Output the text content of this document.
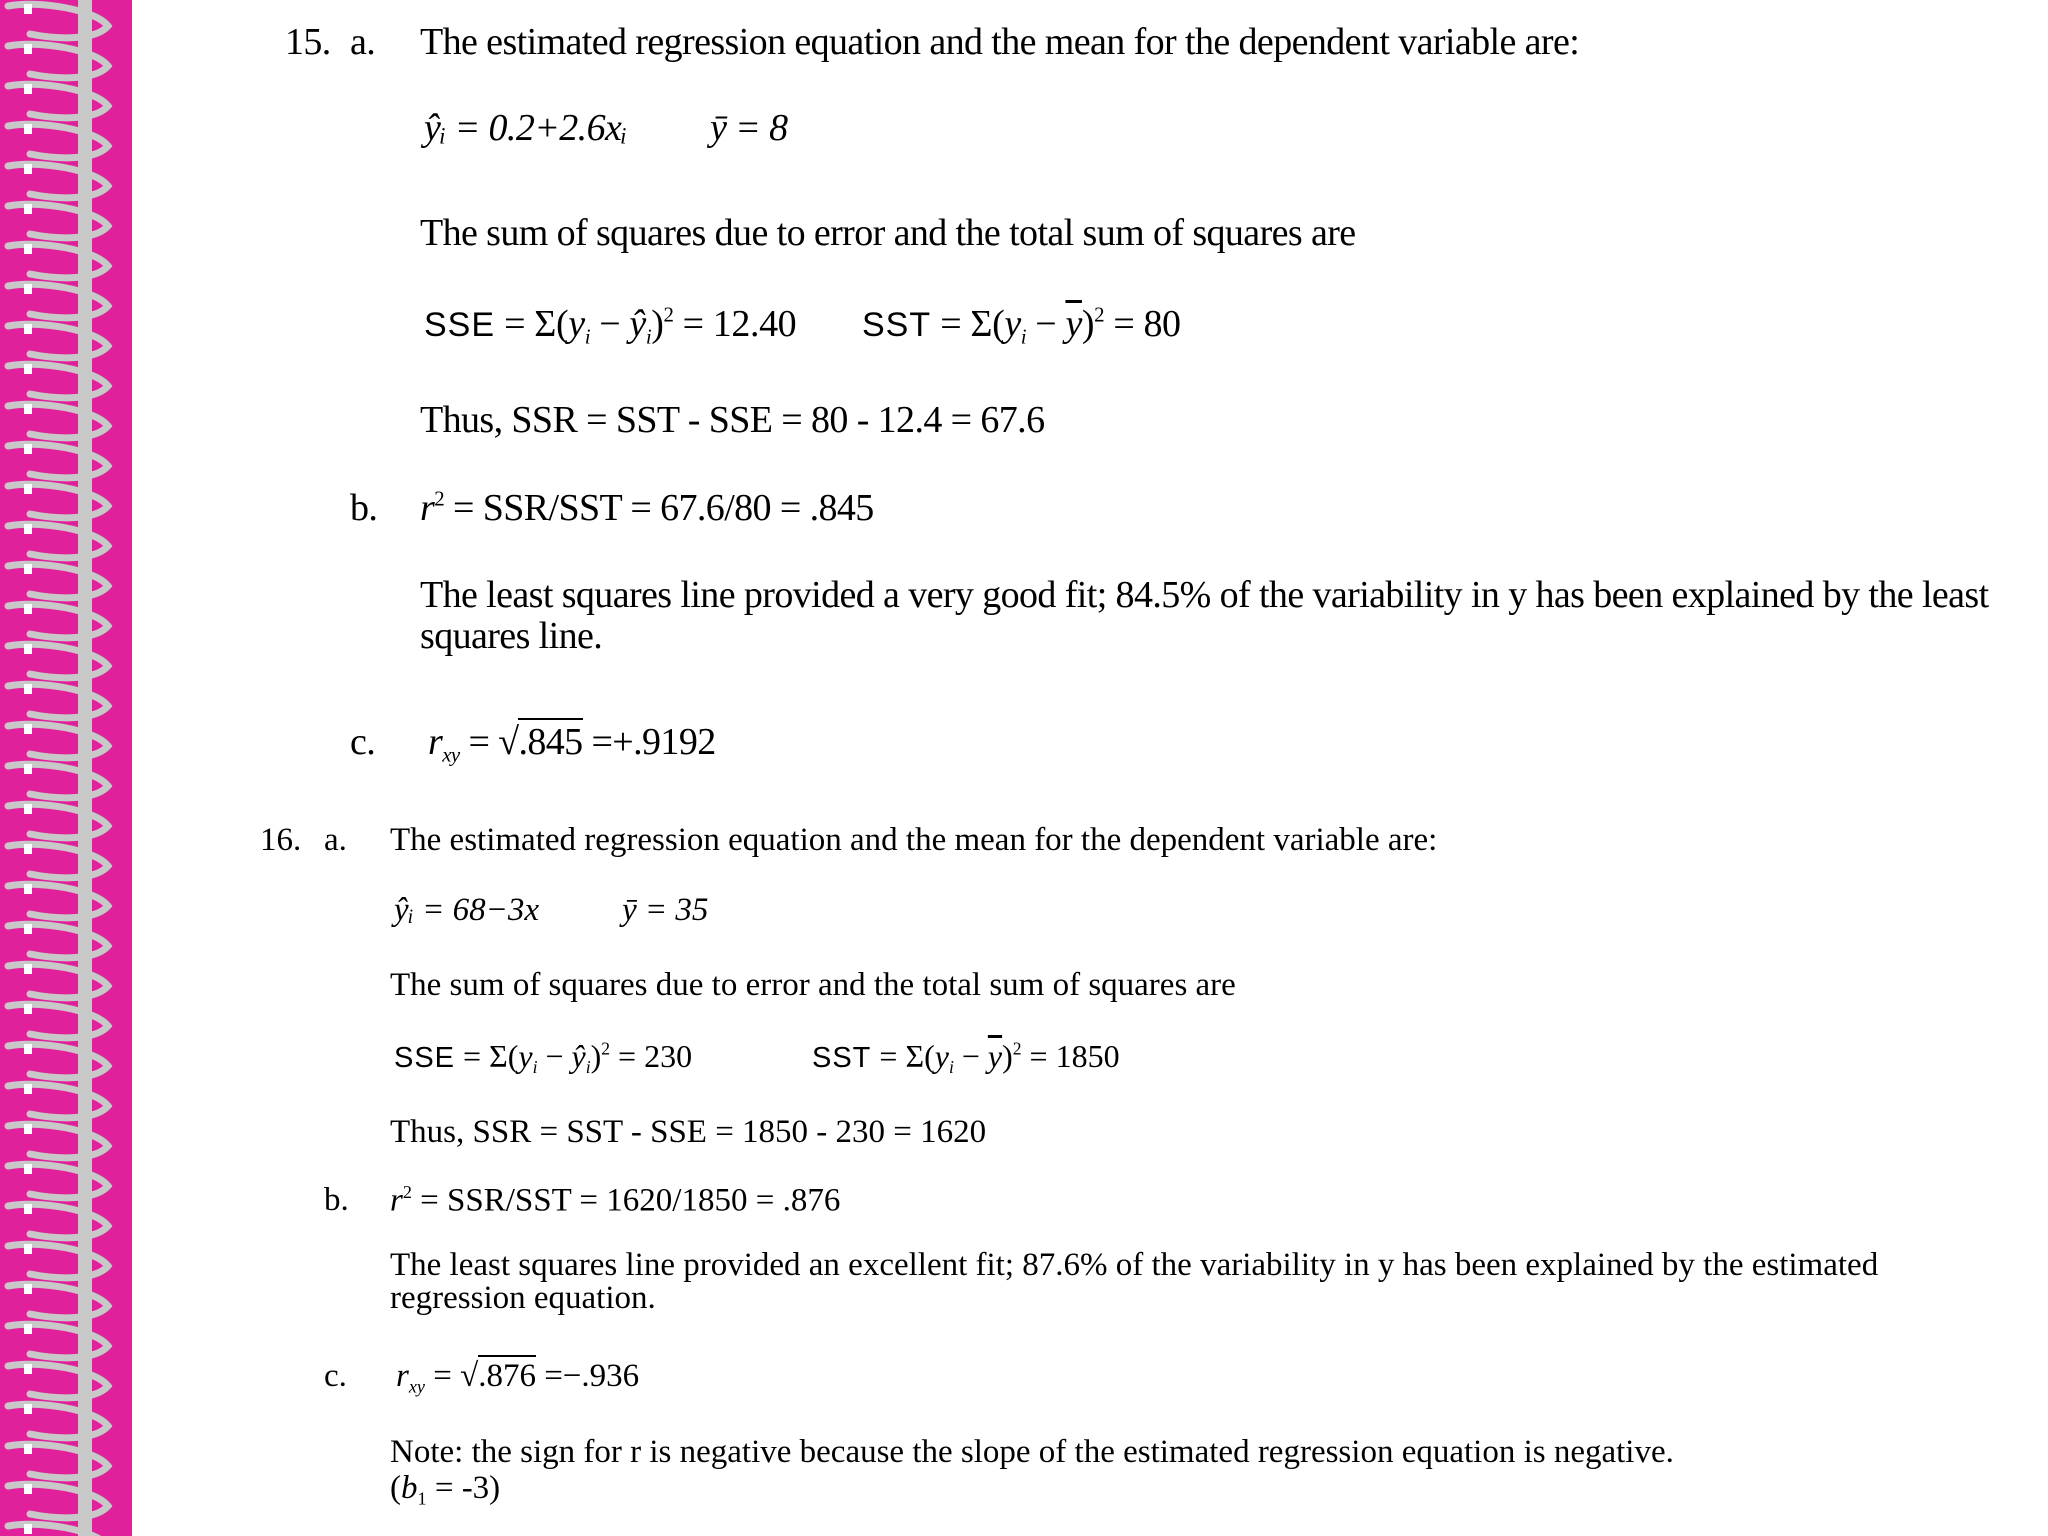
15. a. The estimated regression equation and the mean for the dependent variable are:
ŷᵢ = 0.2+2.6xᵢ ȳ = 8
The sum of squares due to error and the total sum of squares are
SSE = $\Sigma(y_i$ − $ŷ_i)^2 = 12.40$ SST = $\Sigma(y_i - \overline{y})^2 = 80$
Thus, SSR = SST - SSE = 80 - 12.4 = 67.6
b. $r^2 = SSR/SST = 67.6/80 = .845$
The least squares line provided a very good fit; 84.5% of the variability in y has been explained by the least squares line.
c. $r_{xy} = √.845 =+.9192$
16. a. The estimated regression equation and the mean for the dependent variable are:
ŷᵢ = 68−3x	ȳ = 35
The sum of squares due to error and the total sum of squares are
SSE = $\Sigma(y_i$ − $ŷ_i)^2 = 230$	SST = $\Sigma(y_i - \overline{y})^2 = 1850$
Thus, SSR = SST - SSE = 1850 - 230 = 1620
b. $r^2 = SSR/SST = 1620/1850 = .876$
The least squares line provided an excellent fit; 87.6% of the variability in y has been explained by the estimated regression equation.
c. $r_{xy} = √.876 =-.936$
Note: the sign for r is negative because the slope of the estimated regression equation is negative.
$(b_1 = -3)$
